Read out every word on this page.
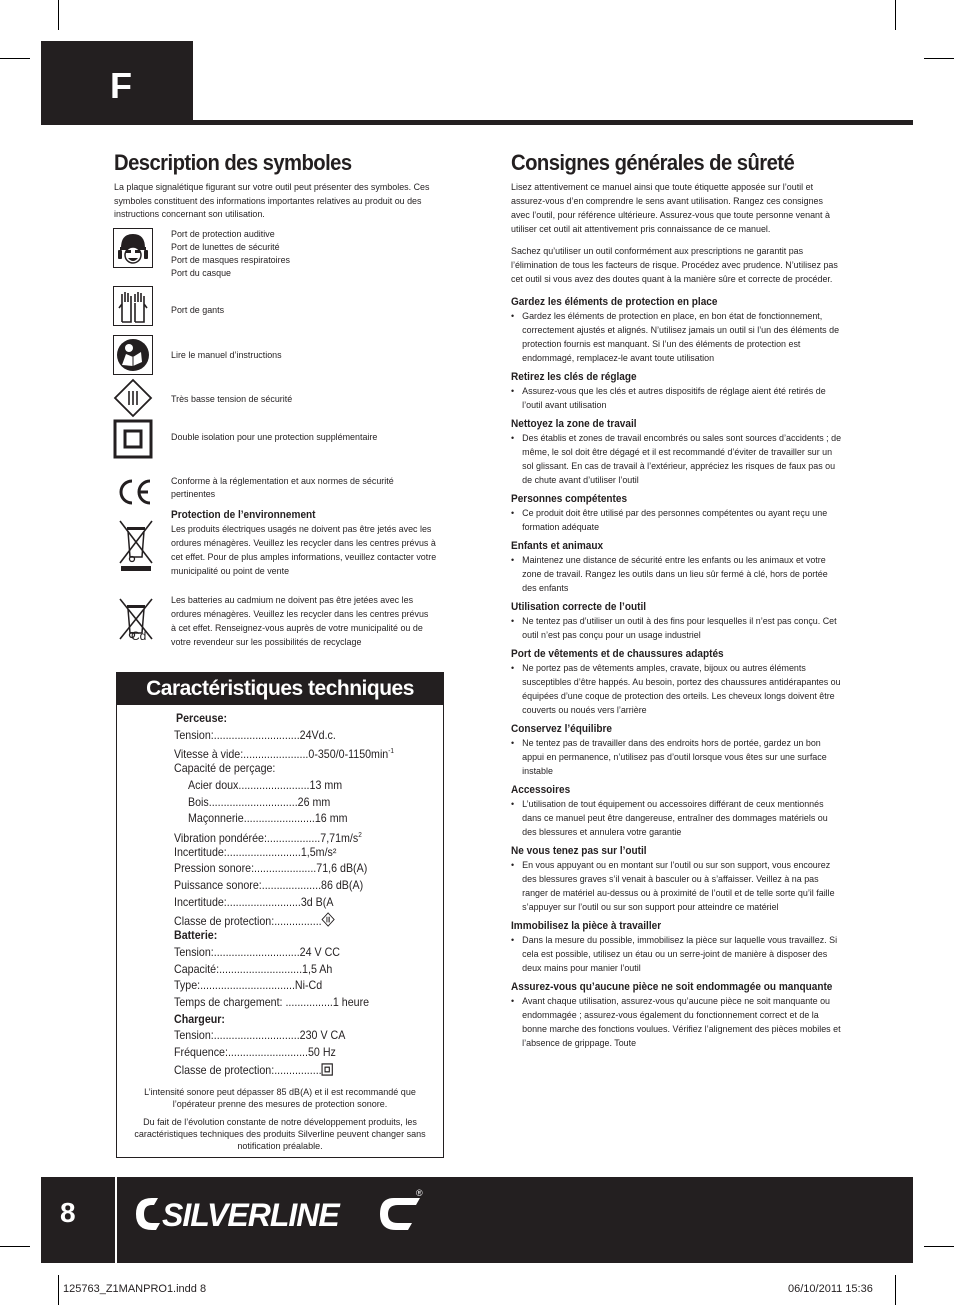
F
Description des symboles
La plaque signalétique figurant sur votre outil peut présenter des symboles. Ces symboles constituent des informations importantes relatives au produit ou des instructions concernant son utilisation.
Port de protection auditive
Port de lunettes de sécurité
Port de masques respiratoires
Port du casque
Port de gants
Lire le manuel d’instructions
Très basse tension de sécurité
Double isolation pour une protection supplémentaire
Conforme à la réglementation et aux normes de sécurité pertinentes
Protection de l’environnement
Les produits électriques usagés ne doivent pas être jetés avec les ordures ménagères. Veuillez les recycler dans les centres prévus à cet effet. Pour de plus amples informations, veuillez contacter votre municipalité ou point de vente
Cd
Les batteries au cadmium ne doivent pas être jetées avec les ordures ménagères. Veuillez les recycler dans les centres prévus à cet effet. Renseignez-vous auprès de votre municipalité ou de votre revendeur sur les possibilités de recyclage
Caractéristiques techniques
Perceuse:
Tension:.............................24Vd.c.
Vitesse à $vide:......................0-350/0-1150\min^{-1}$
Capacité de perçage:
Acier doux........................13 mm
Bois..............................26 mm
Maçonnerie........................16 mm
Vibration $pondérée:..................7,71m/s^2$
Incertitude:.........................1,5m/s²
Pression sonore:.....................71,6 dB(A)
Puissance sonore:....................86 dB(A)
Incertitude:.........................3d B(A
Classe de protection:................
Batterie:
Tension:.............................24 V CC
Capacité:............................1,5 Ah
Type:................................Ni-Cd
Temps de chargement: ................1 heure
Chargeur:
Tension:.............................230 V CA
Fréquence:...........................50 Hz
Classe de protection:................
L’intensité sonore peut dépasser 85 dB(A) et il est recommandé que l’opérateur prenne des mesures de protection sonore.
Du fait de l’évolution constante de notre développement produits, les caractéristiques techniques des produits Silverline peuvent changer sans notification préalable.
Consignes générales de sûreté

Lisez attentivement ce manuel ainsi que toute étiquette apposée sur l’outil et assurez-vous d’en comprendre le sens avant utilisation. Rangez ces consignes avec l’outil, pour référence ultérieure. Assurez-vous que toute personne venant à utiliser cet outil ait attentivement pris connaissance de ce manuel.

Sachez qu’utiliser un outil conformément aux prescriptions ne garantit pas l’élimination de tous les facteurs de risque. Procédez avec prudence. N’utilisez pas cet outil si vous avez des doutes quant à la manière sûre et correcte de procéder.

Gardez les éléments de protection en place
• Gardez les éléments de protection en place, en bon état de fonctionnement, correctement ajustés et alignés. N’utilisez jamais un outil si l’un des éléments de protection fournis est manquant. Si l’un des éléments de protection est endommagé, remplacez-le avant toute utilisation
Retirez les clés de réglage
• Assurez-vous que les clés et autres dispositifs de réglage aient été retirés de l’outil avant utilisation
Nettoyez la zone de travail
• Des établis et zones de travail encombrés ou sales sont sources d’accidents ; de même, le sol doit être dégagé et il est recommandé d’éviter de travailler sur un sol glissant. En cas de travail à l’extérieur, appréciez les risques de faux pas ou de chute avant d’utiliser l’outil
Personnes compétentes
• Ce produit doit être utilisé par des personnes compétentes ou ayant reçu une formation adéquate
Enfants et animaux
• Maintenez une distance de sécurité entre les enfants ou les animaux et votre zone de travail. Rangez les outils dans un lieu sûr fermé à clé, hors de portée des enfants
Utilisation correcte de l’outil
• Ne tentez pas d’utiliser un outil à des fins pour lesquelles il n’est pas conçu. Cet outil n’est pas conçu pour un usage industriel
Port de vêtements et de chaussures adaptés
• Ne portez pas de vêtements amples, cravate, bijoux ou autres éléments susceptibles d’être happés. Au besoin, portez des chaussures antidérapantes ou équipées d’une coque de protection des orteils. Les cheveux longs doivent être couverts ou noués vers l’arrière
Conservez l’équilibre
• Ne tentez pas de travailler dans des endroits hors de portée, gardez un bon appui en permanence, n’utilisez pas d’outil lorsque vous êtes sur une surface instable
Accessoires
• L’utilisation de tout équipement ou accessoires différant de ceux mentionnés dans ce manuel peut être dangereuse, entraîner des dommages matériels ou des blessures et annulera votre garantie
Ne vous tenez pas sur l’outil
• En vous appuyant ou en montant sur l’outil ou sur son support, vous encourez des blessures graves s’il venait à basculer ou à s’affaisser. Veillez à na pas ranger de matériel au-dessus ou à proximité de l’outil et de telle sorte qu’il faille s’appuyer sur l’outil ou sur son support pour atteindre ce matériel
Immobilisez la pièce à travailler
• Dans la mesure du possible, immobilisez la pièce sur laquelle vous travaillez. Si cela est possible, utilisez un étau ou un serre-joint de manière à disposer des deux mains pour manier l’outil
Assurez-vous qu’aucune pièce ne soit endommagée ou manquante
• Avant chaque utilisation, assurez-vous qu’aucune pièce ne soit manquante ou endommagée ; assurez-vous également du fonctionnement correct et de la bonne marche des fonctions voulues. Vérifiez l’alignement des pièces mobiles et l’absence de grippage. Toute
8	SILVERLINE
®
125763_Z1MANPRO1.indd 8	06/10/2011 15:36
